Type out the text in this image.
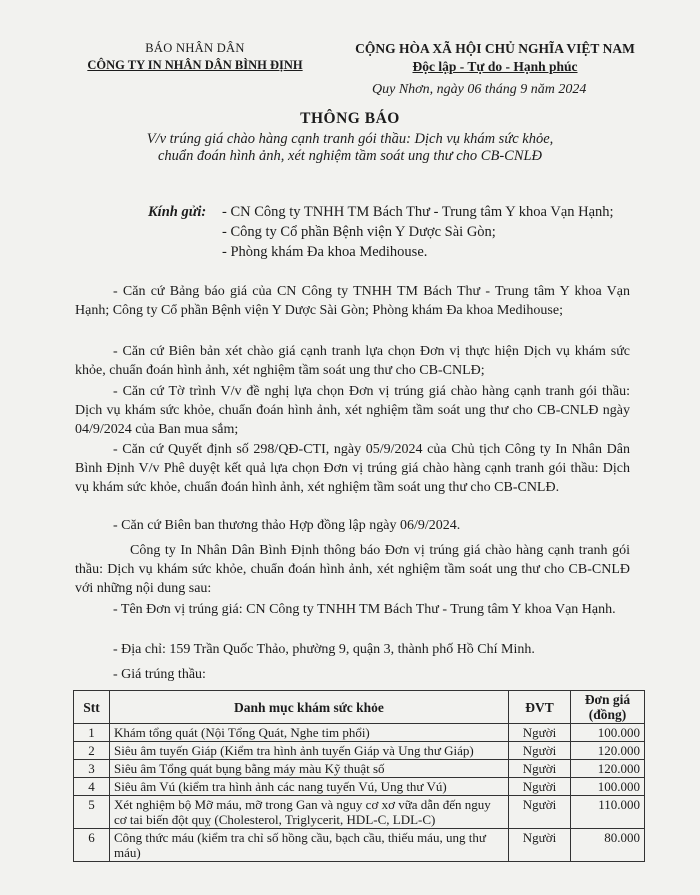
BÁO NHÂN DÂN
CÔNG TY IN NHÂN DÂN BÌNH ĐỊNH
CỘNG HÒA XÃ HỘI CHỦ NGHĨA VIỆT NAM
Độc lập - Tự do - Hạnh phúc
Quy Nhơn, ngày 06 tháng 9 năm 2024
THÔNG BÁO
V/v trúng giá chào hàng cạnh tranh gói thầu: Dịch vụ khám sức khỏe,
chuẩn đoán hình ảnh, xét nghiệm tầm soát ung thư cho CB-CNLĐ
Kính gửi: - CN Công ty TNHH TM Bách Thư - Trung tâm Y khoa Vạn Hạnh;
- Công ty Cổ phần Bệnh viện Y Dược Sài Gòn;
- Phòng khám Đa khoa Medihouse.
- Căn cứ Bảng báo giá của CN Công ty TNHH TM Bách Thư - Trung tâm Y khoa Vạn Hạnh; Công ty Cổ phần Bệnh viện Y Dược Sài Gòn; Phòng khám Đa khoa Medihouse;
- Căn cứ Biên bản xét chào giá cạnh tranh lựa chọn Đơn vị thực hiện Dịch vụ khám sức khỏe, chuẩn đoán hình ảnh, xét nghiệm tầm soát ung thư cho CB-CNLĐ;
- Căn cứ Tờ trình V/v đề nghị lựa chọn Đơn vị trúng giá chào hàng cạnh tranh gói thầu: Dịch vụ khám sức khỏe, chuẩn đoán hình ảnh, xét nghiệm tầm soát ung thư cho CB-CNLĐ ngày 04/9/2024 của Ban mua sắm;
- Căn cứ Quyết định số 298/QĐ-CTI, ngày 05/9/2024 của Chủ tịch Công ty In Nhân Dân Bình Định V/v Phê duyệt kết quả lựa chọn Đơn vị trúng giá chào hàng cạnh tranh gói thầu: Dịch vụ khám sức khỏe, chuẩn đoán hình ảnh, xét nghiệm tầm soát ung thư cho CB-CNLĐ.
- Căn cứ Biên ban thương thảo Hợp đồng lập ngày 06/9/2024.
Công ty In Nhân Dân Bình Định thông báo Đơn vị trúng giá chào hàng cạnh tranh gói thầu: Dịch vụ khám sức khỏe, chuẩn đoán hình ảnh, xét nghiệm tầm soát ung thư cho CB-CNLĐ với những nội dung sau:
- Tên Đơn vị trúng giá: CN Công ty TNHH TM Bách Thư - Trung tâm Y khoa Vạn Hạnh.
- Địa chỉ: 159 Trần Quốc Thảo, phường 9, quận 3, thành phố Hồ Chí Minh.
- Giá trúng thầu:
Stt	Danh mục khám sức khỏe	ĐVT	Đơn giá (đồng)
1	Khám tổng quát (Nội Tổng Quát, Nghe tim phổi)	Người	100.000
2	Siêu âm tuyến Giáp (Kiểm tra hình ảnh tuyến Giáp và Ung thư Giáp)	Người	120.000
3	Siêu âm Tổng quát bụng bằng máy màu Kỹ thuật số	Người	120.000
4	Siêu âm Vú (kiểm tra hình ảnh các nang tuyến Vú, Ung thư Vú)	Người	100.000
5	Xét nghiệm bộ Mỡ máu, mỡ trong Gan và nguy cơ xơ vữa dẫn đến nguy cơ tai biến đột quỵ (Cholesterol, Triglycerit, HDL-C, LDL-C)	Người	110.000
6	Công thức máu (kiểm tra chỉ số hồng cầu, bạch cầu, thiếu máu, ung thư máu)	Người	80.000
